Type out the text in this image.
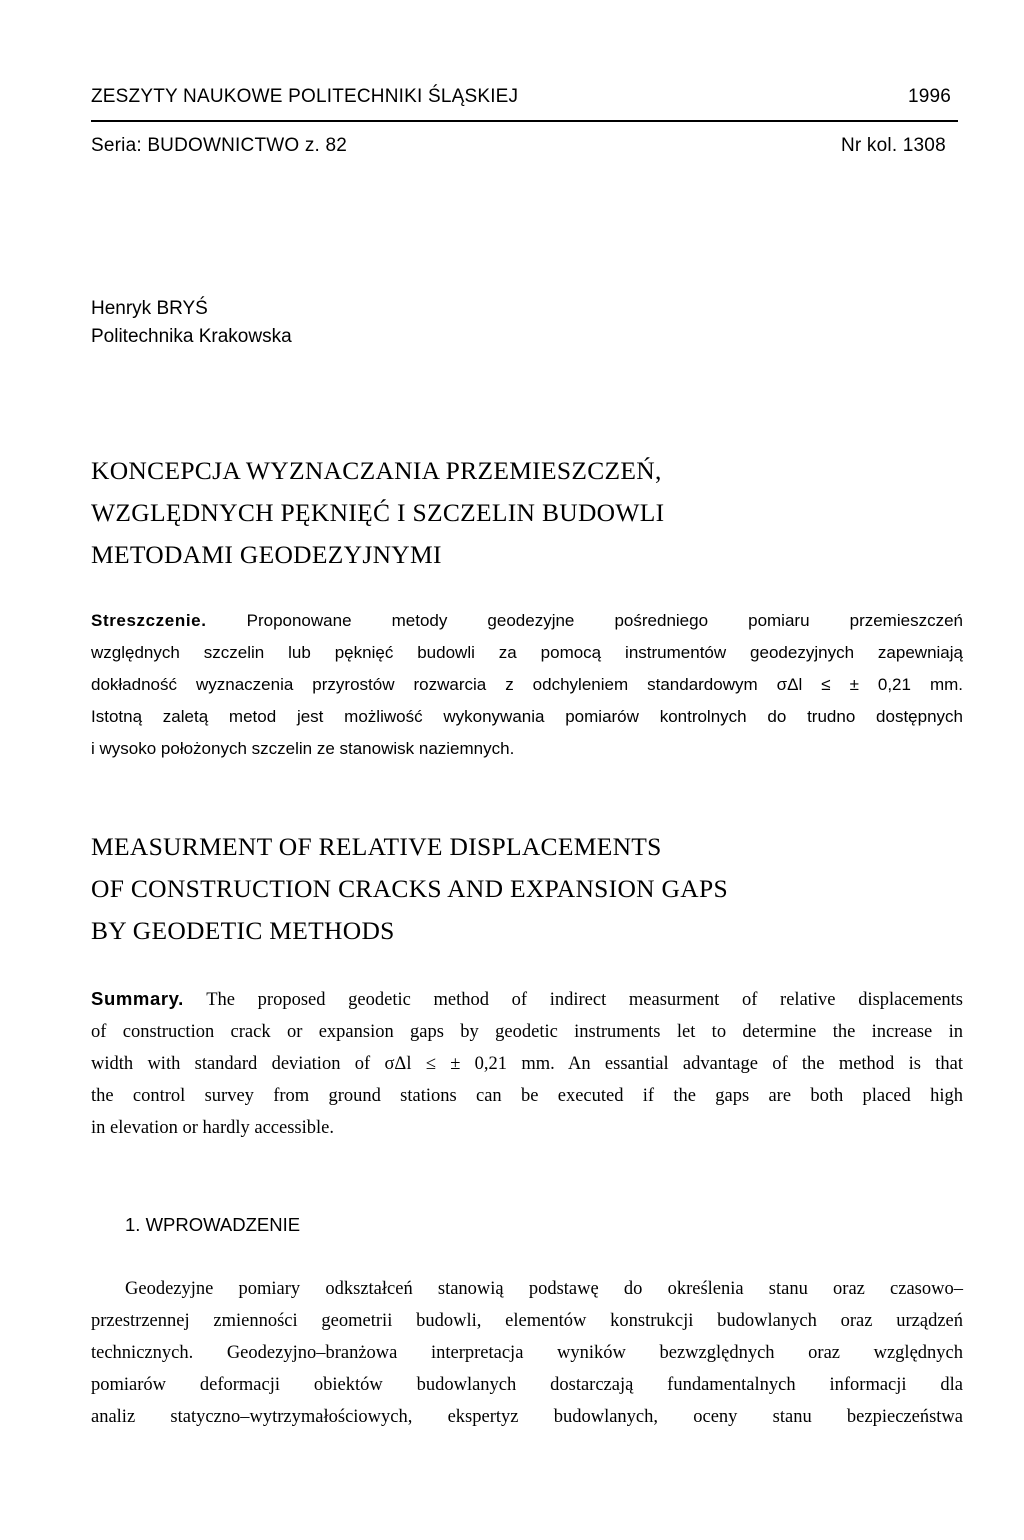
ZESZYTY NAUKOWE POLITECHNIKI ŚLĄSKIEJ	1996
Seria: BUDOWNICTWO z. 82	Nr kol. 1308
Henryk BRYŚ
Politechnika Krakowska
KONCEPCJA WYZNACZANIA PRZEMIESZCZEŃ,
WZGLĘDNYCH PĘKNIĘĆ I SZCZELIN BUDOWLI
METODAMI GEODEZYJNYMI
Streszczenie. Proponowane metody geodezyjne pośredniego pomiaru przemieszczeń
względnych szczelin lub pęknięć budowli za pomocą instrumentów geodezyjnych zapewniają
dokładność wyznaczenia przyrostów rozwarcia z odchyleniem standardowym σΔl ≤ ± 0,21 mm.
Istotną zaletą metod jest możliwość wykonywania pomiarów kontrolnych do trudno dostępnych
i wysoko położonych szczelin ze stanowisk naziemnych.
MEASURMENT OF RELATIVE DISPLACEMENTS
OF CONSTRUCTION CRACKS AND EXPANSION GAPS
BY GEODETIC METHODS
Summary. The proposed geodetic method of indirect measurment of relative displacements
of construction crack or expansion gaps by geodetic instruments let to determine the increase in
width with standard deviation of σΔl ≤ ± 0,21 mm. An essantial advantage of the method is that
the control survey from ground stations can be executed if the gaps are both placed high
in elevation or hardly accessible.
1. WPROWADZENIE
Geodezyjne pomiary odkształceń stanowią podstawę do określenia stanu oraz czasowo–
przestrzennej zmienności geometrii budowli, elementów konstrukcji budowlanych oraz urządzeń
technicznych. Geodezyjno–branżowa interpretacja wyników bezwzględnych oraz względnych
pomiarów deformacji obiektów budowlanych dostarczają fundamentalnych informacji dla
analiz statyczno–wytrzymałościowych, ekspertyz budowlanych, oceny stanu bezpieczeństwa
